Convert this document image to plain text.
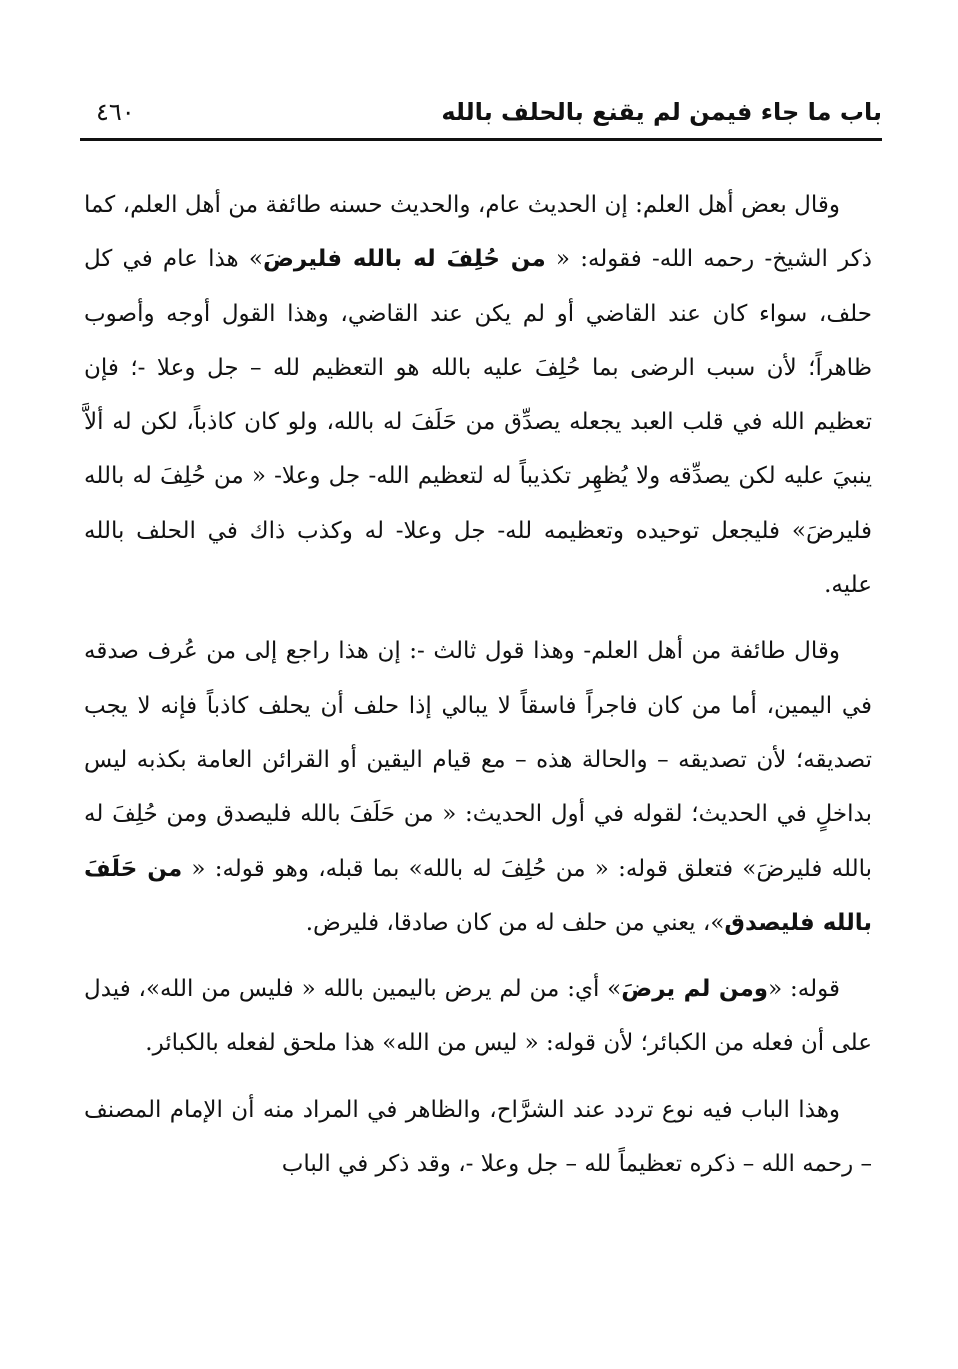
باب ما جاء فيمن لم يقنع بالحلف بالله
٤٦٠

وقال بعض أهل العلم: إن الحديث عام، والحديث حسنه طائفة من أهل العلم، كما ذكر الشيخ- رحمه الله- فقوله: « من حُلِفَ له بالله فليرضَ» هذا عام في كل حلف، سواء كان عند القاضي أو لم يكن عند القاضي، وهذا القول أوجه وأصوب ظاهراً؛ لأن سبب الرضى بما حُلِفَ عليه بالله هو التعظيم لله – جل وعلا -؛ فإن تعظيم الله في قلب العبد يجعله يصدِّق من حَلَفَ له بالله، ولو كان كاذباً، لكن له ألاَّ ينبيَ عليه لكن يصدِّقه ولا يُظهِر تكذيباً له لتعظيم الله- جل وعلا- « من حُلِفَ له بالله فليرضَ» فليجعل توحيده وتعظيمه لله- جل وعلا- له وكذب ذاك في الحلف بالله عليه.

وقال طائفة من أهل العلم- وهذا قول ثالث -: إن هذا راجع إلى من عُرف صدقه في اليمين، أما من كان فاجراً فاسقاً لا يبالي إذا حلف أن يحلف كاذباً فإنه لا يجب تصديقه؛ لأن تصديقه – والحالة هذه – مع قيام اليقين أو القرائن العامة بكذبه ليس بداخلٍ في الحديث؛ لقوله في أول الحديث: « من حَلَفَ بالله فليصدق ومن حُلِفَ له بالله فليرضَ» فتعلق قوله: « من حُلِفَ له بالله» بما قبله، وهو قوله: « من حَلَفَ بالله فليصدق»، يعني من حلف له من كان صادقا، فليرض.

قوله: «ومن لم يرضَ» أي: من لم يرض باليمين بالله « فليس من الله»، فيدل على أن فعله من الكبائر؛ لأن قوله: « ليس من الله» هذا ملحق لفعله بالكبائر.

وهذا الباب فيه نوع تردد عند الشرَّاح، والظاهر في المراد منه أن الإمام المصنف – رحمه الله – ذكره تعظيماً لله – جل وعلا -، وقد ذكر في الباب
